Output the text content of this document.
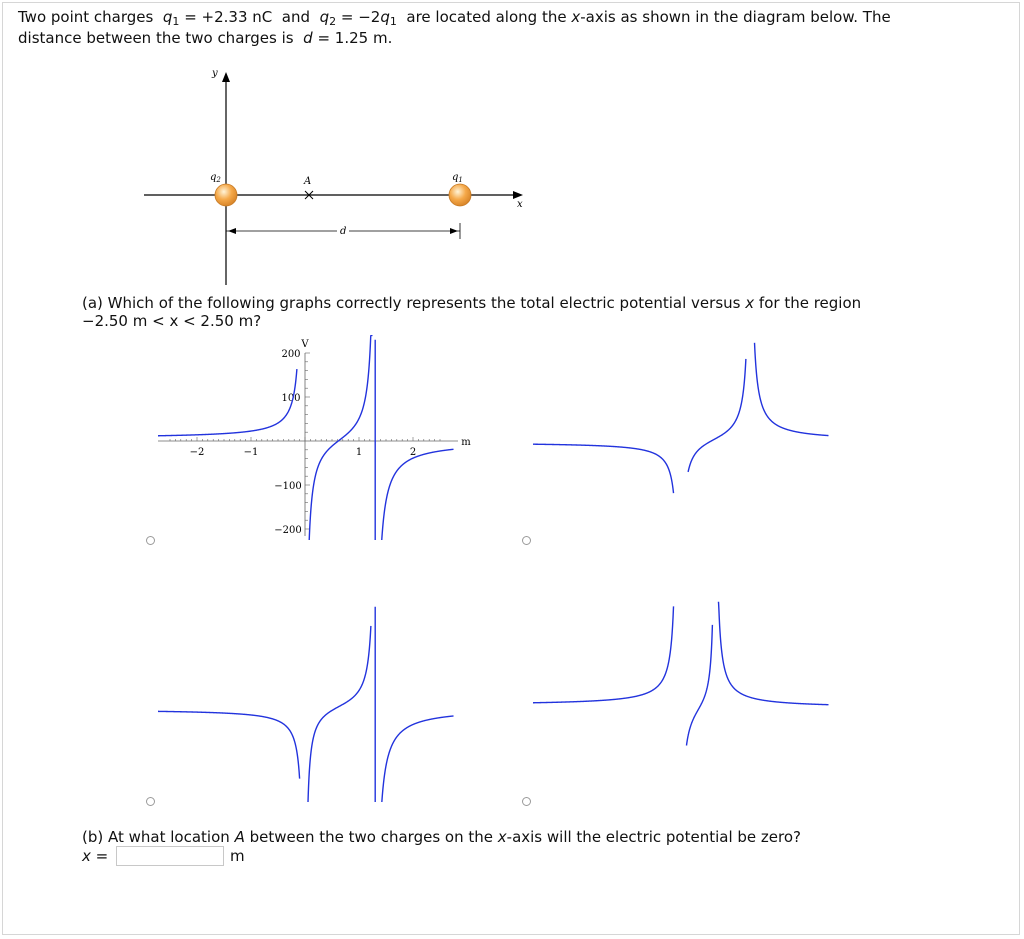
Two point charges $q_1 = +2.33$ nC and $q_2 = -2q_1$ are located along the x-axis as shown in the diagram below. The
distance between the two charges is d = 1.25 m.
y
x
$q_2$	$q_1$
A
d
(a) Which of the following graphs correctly represents the total electric potential versus x for the region
−2.50 m < x < 2.50 m?
V
m
200
100
−100
−200
−2	−1	1	2
(b) At what location A between the two charges on the x-axis will the electric potential be zero?
x =	m
